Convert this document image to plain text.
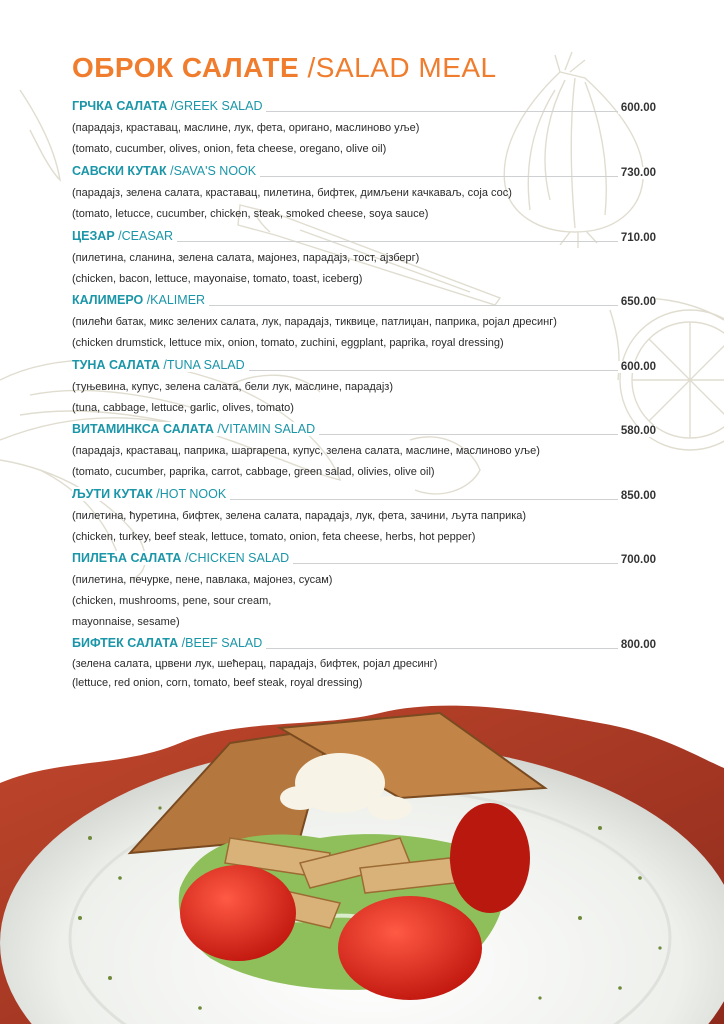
ОБРОК САЛАТЕ /SALAD MEAL
ГРЧКА САЛАТА /GREEK SALAD	600.00
(парадајз, краставац, маслине, лук, фета, оригано, маслиново уље)
(tomato, cucumber, olives, onion, feta cheese, oregano, olive oil)
САВСКИ КУТАК /SAVA'S NOOK	730.00
(парадајз, зелена салата, краставац, пилетина, бифтек, димљени качкаваљ, соја сос)
(tomato, letucce, cucumber, chicken, steak, smoked cheese, soya sauce)
ЦЕЗАР /CEASAR	710.00
(пилетина, сланина, зелена салата, мајонез, парадајз, тост, ајзберг)
(chicken, bacon, lettuce, mayonaise, tomato, toast, iceberg)
КАЛИМЕРО /KALIMER	650.00
(пилећи батак, микс зелених салата, лук, парадајз, тиквице, патлиџан, паприка, ројал дресинг)
(chicken drumstick, lettuce mix, onion, tomato, zuchini, eggplant, paprika, royal dressing)
ТУНА САЛАТА /TUNA SALAD	600.00
(туњевина, купус, зелена салата, бели лук, маслине, парадајз)
(tuna, cabbage, lettuce, garlic, olives, tomato)
ВИТАМИНКСА САЛАТА /VITAMIN SALAD	580.00
(парадајз, краставац, паприка, шаргарепа, купус, зелена салата, маслине, маслиново уље)
(tomato, cucumber, paprika, carrot, cabbage, green salad, olivies, olive oil)
ЉУТИ КУТАК /HOT NOOK	850.00
(пилетина, ћуретина, бифтек, зелена салата, парадајз, лук, фета, зачини, љута паприка)
(chicken, turkey, beef steak, lettuce, tomato, onion, feta cheese, herbs, hot pepper)
ПИЛЕЋА САЛАТА /CHICKEN SALAD	700.00
(пилетина, печурке, пене, павлака, мајонез, сусам)
(chicken, mushrooms, pene, sour cream,
mayonnaise, sesame)
БИФТЕК САЛАТА /BEEF SALAD	800.00
(зелена салата, црвени лук, шећерац, парадајз, бифтек, ројал дресинг)
(lettuce, red onion, corn, tomato, beef steak, royal dressing)
